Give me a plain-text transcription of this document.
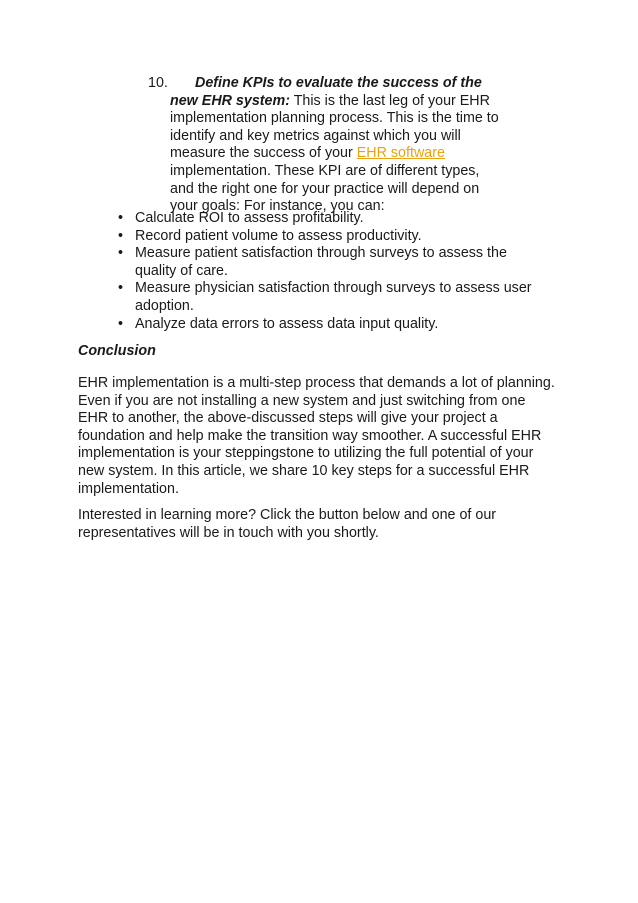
10.	Define KPIs to evaluate the success of the
new EHR system: This is the last leg of your EHR
implementation planning process. This is the time to
identify and key metrics against which you will
measure the success of your EHR software
implementation. These KPI are of different types,
and the right one for your practice will depend on
your goals: For instance, you can:
• Calculate ROI to assess profitability.
• Record patient volume to assess productivity.
• Measure patient satisfaction through surveys to assess the
quality of care.
• Measure physician satisfaction through surveys to assess user
adoption.
• Analyze data errors to assess data input quality.
Conclusion
EHR implementation is a multi-step process that demands a lot of planning.
Even if you are not installing a new system and just switching from one
EHR to another, the above-discussed steps will give your project a
foundation and help make the transition way smoother. A successful EHR
implementation is your steppingstone to utilizing the full potential of your
new system. In this article, we share 10 key steps for a successful EHR
implementation.
Interested in learning more? Click the button below and one of our
representatives will be in touch with you shortly.
